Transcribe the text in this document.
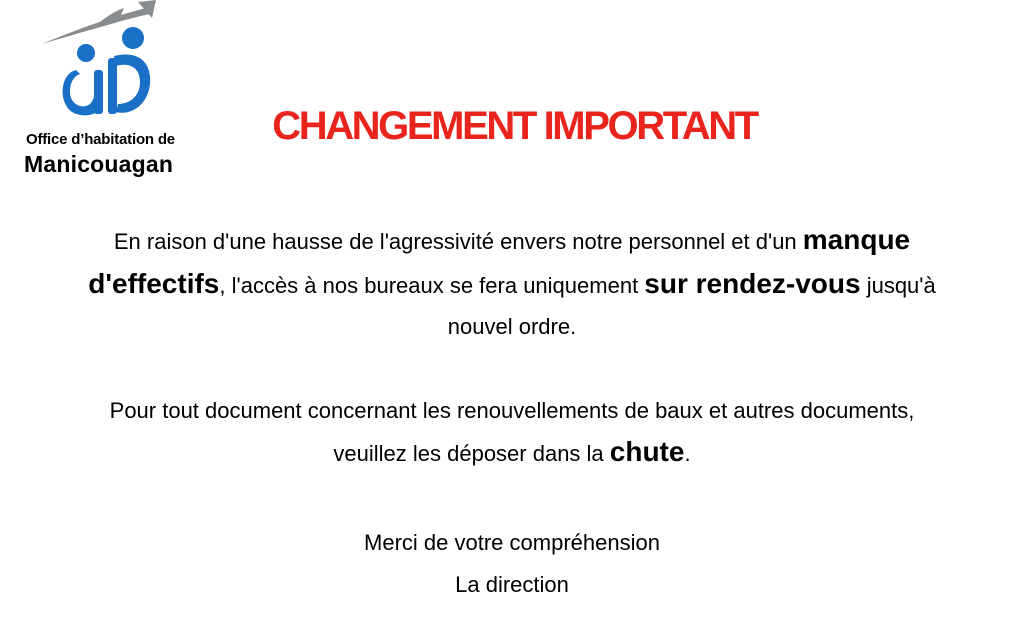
Office d’habitation de
Manicouagan
CHANGEMENT IMPORTANT
En raison d'une hausse de l'agressivité envers notre personnel et d'un manque
d'effectifs, l'accès à nos bureaux se fera uniquement sur rendez-vous jusqu'à
nouvel ordre.
Pour tout document concernant les renouvellements de baux et autres documents,
veuillez les déposer dans la chute.
Merci de votre compréhension
La direction
